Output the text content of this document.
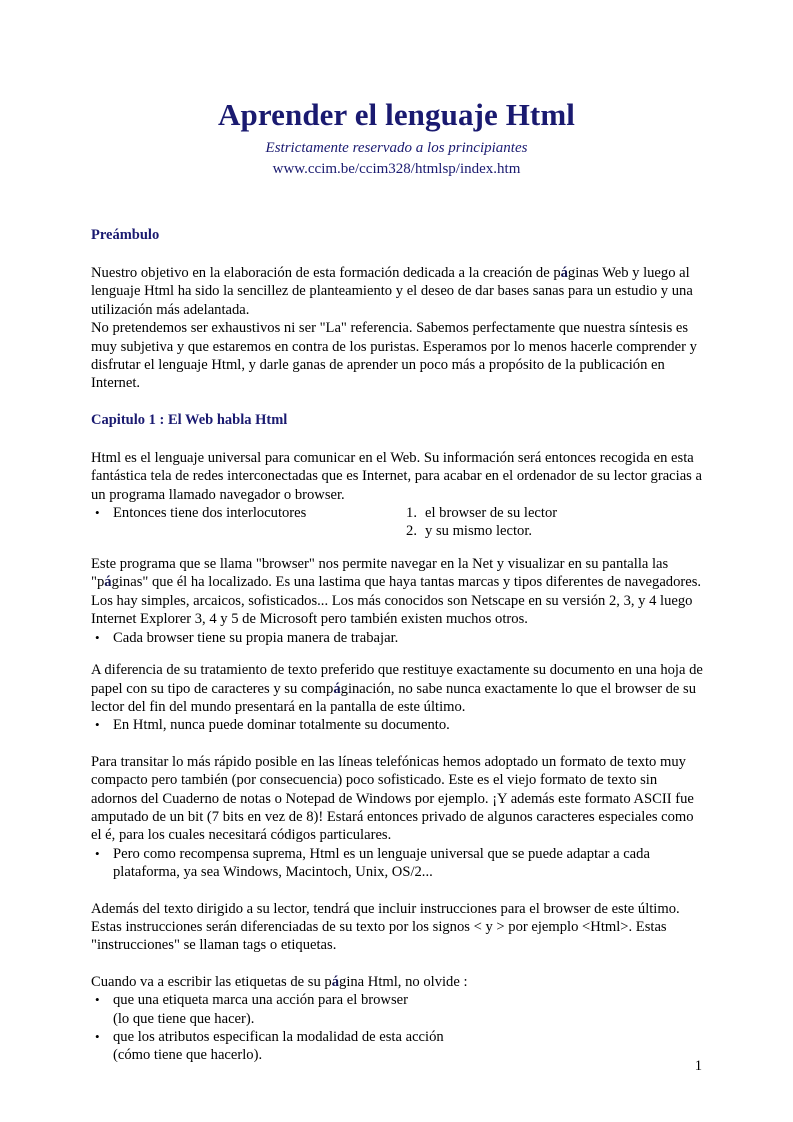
Aprender el lenguaje Html
Estrictamente reservado a los principiantes
www.ccim.be/ccim328/htmlsp/index.htm
Preámbulo

Nuestro objetivo en la elaboración de esta formación dedicada a la creación de páginas Web y luego al lenguaje Html ha sido la sencillez de planteamiento y el deseo de dar bases sanas para un estudio y una utilización más adelantada.

No pretendemos ser exhaustivos ni ser "La" referencia. Sabemos perfectamente que nuestra síntesis es muy subjetiva y que estaremos en contra de los puristas. Esperamos por lo menos hacerle comprender y disfrutar el lenguaje Html, y darle ganas de aprender un poco más a propósito de la publicación en Internet.

Capitulo 1 : El Web habla Html

Html es el lenguaje universal para comunicar en el Web. Su información será entonces recogida en esta fantástica tela de redes interconectadas que es Internet, para acabar en el ordenador de su lector gracias a un programa llamado navegador o browser.

• Entonces tiene dos interlocutores	1. el browser de su lector
2. y su mismo lector.

Este programa que se llama "browser" nos permite navegar en la Net y visualizar en su pantalla las "páginas" que él ha localizado. Es una lastima que haya tantas marcas y tipos diferentes de navegadores. Los hay simples, arcaicos, sofisticados... Los más conocidos son Netscape en su versión 2, 3, y 4 luego Internet Explorer 3, 4 y 5 de Microsoft pero también existen muchos otros.

• Cada browser tiene su propia manera de trabajar.

A diferencia de su tratamiento de texto preferido que restituye exactamente su documento en una hoja de papel con su tipo de caracteres y su compáginación, no sabe nunca exactamente lo que el browser de su lector del fin del mundo presentará en la pantalla de este último.

• En Html, nunca puede dominar totalmente su documento.

Para transitar lo más rápido posible en las líneas telefónicas hemos adoptado un formato de texto muy compacto pero también (por consecuencia) poco sofisticado. Este es el viejo formato de texto sin adornos del Cuaderno de notas o Notepad de Windows por ejemplo. ¡Y además este formato ASCII fue amputado de un bit (7 bits en vez de 8)! Estará entonces privado de algunos caracteres especiales como el é, para los cuales necesitará códigos particulares.

• Pero como recompensa suprema, Html es un lenguaje universal que se puede adaptar a cada
plataforma, ya sea Windows, Macintoch, Unix, OS/2...

Además del texto dirigido a su lector, tendrá que incluir instrucciones para el browser de este último. Estas instrucciones serán diferenciadas de su texto por los signos < y > por ejemplo <Html>. Estas "instrucciones" se llaman tags o etiquetas.

Cuando va a escribir las etiquetas de su página Html, no olvide :

• que una etiqueta marca una acción para el browser
(lo que tiene que hacer).
• que los atributos especifican la modalidad de esta acción
(cómo tiene que hacerlo).
1
